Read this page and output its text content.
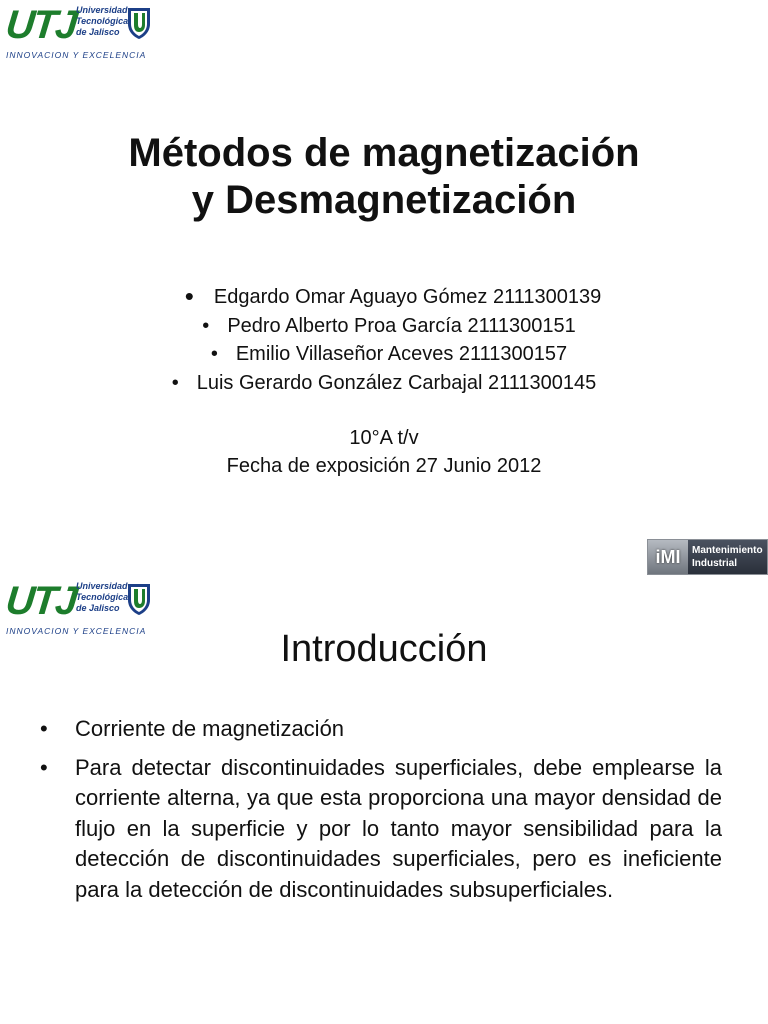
UTJ
Universidad
Tecnológica
de Jalisco
INNOVACION Y EXCELENCIA
Métodos de magnetización
y Desmagnetización
• Edgardo Omar Aguayo Gómez 2111300139
• Pedro Alberto Proa García 2111300151
• Emilio Villaseñor Aceves 2111300157
• Luis Gerardo González Carbajal 2111300145
10°A t/v
Fecha de exposición 27 Junio 2012
iMI	Mantenimiento
Industrial
UTJ
Universidad
Tecnológica
de Jalisco
INNOVACION Y EXCELENCIA	Introducción
• Corriente de magnetización
• Para detectar discontinuidades superficiales, debe emplearse la corriente alterna, ya que esta proporciona una mayor densidad de flujo en la superficie y por lo tanto mayor sensibilidad para la detección de discontinuidades superficiales, pero es ineficiente para la detección de discontinuidades subsuperficiales.
